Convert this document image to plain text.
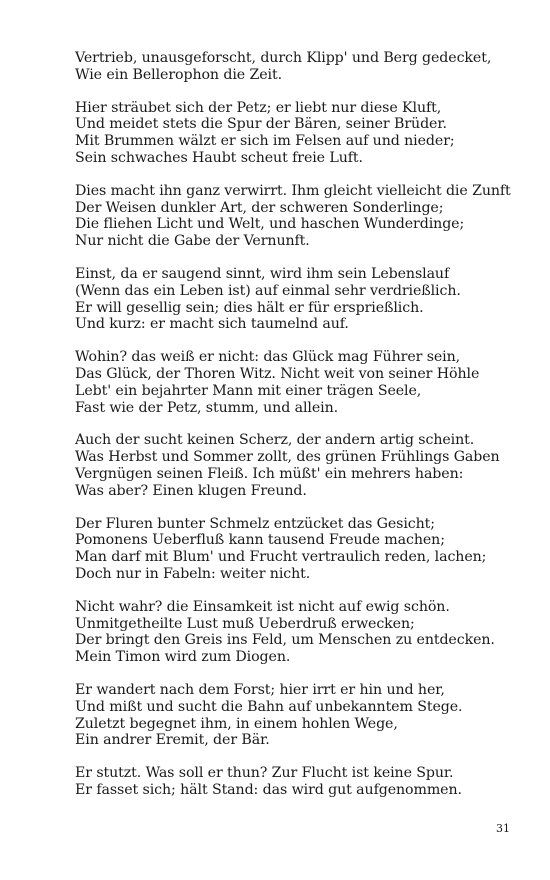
Vertrieb, unausgeforscht, durch Klipp' und Berg gedecket,
Wie ein Bellerophon die Zeit.
Hier sträubet sich der Petz; er liebt nur diese Kluft,
Und meidet stets die Spur der Bären, seiner Brüder.
Mit Brummen wälzt er sich im Felsen auf und nieder;
Sein schwaches Haubt scheut freie Luft.
Dies macht ihn ganz verwirrt. Ihm gleicht vielleicht die Zunft
Der Weisen dunkler Art, der schweren Sonderlinge;
Die fliehen Licht und Welt, und haschen Wunderdinge;
Nur nicht die Gabe der Vernunft.
Einst, da er saugend sinnt, wird ihm sein Lebenslauf
(Wenn das ein Leben ist) auf einmal sehr verdrießlich.
Er will gesellig sein; dies hält er für ersprießlich.
Und kurz: er macht sich taumelnd auf.
Wohin? das weiß er nicht: das Glück mag Führer sein,
Das Glück, der Thoren Witz. Nicht weit von seiner Höhle
Lebt' ein bejahrter Mann mit einer trägen Seele,
Fast wie der Petz, stumm, und allein.
Auch der sucht keinen Scherz, der andern artig scheint.
Was Herbst und Sommer zollt, des grünen Frühlings Gaben
Vergnügen seinen Fleiß. Ich müßt' ein mehrers haben:
Was aber? Einen klugen Freund.
Der Fluren bunter Schmelz entzücket das Gesicht;
Pomonens Ueberfluß kann tausend Freude machen;
Man darf mit Blum' und Frucht vertraulich reden, lachen;
Doch nur in Fabeln: weiter nicht.
Nicht wahr? die Einsamkeit ist nicht auf ewig schön.
Unmitgetheilte Lust muß Ueberdruß erwecken;
Der bringt den Greis ins Feld, um Menschen zu entdecken.
Mein Timon wird zum Diogen.
Er wandert nach dem Forst; hier irrt er hin und her,
Und mißt und sucht die Bahn auf unbekanntem Stege.
Zuletzt begegnet ihm, in einem hohlen Wege,
Ein andrer Eremit, der Bär.
Er stutzt. Was soll er thun? Zur Flucht ist keine Spur.
Er fasset sich; hält Stand: das wird gut aufgenommen.
31
